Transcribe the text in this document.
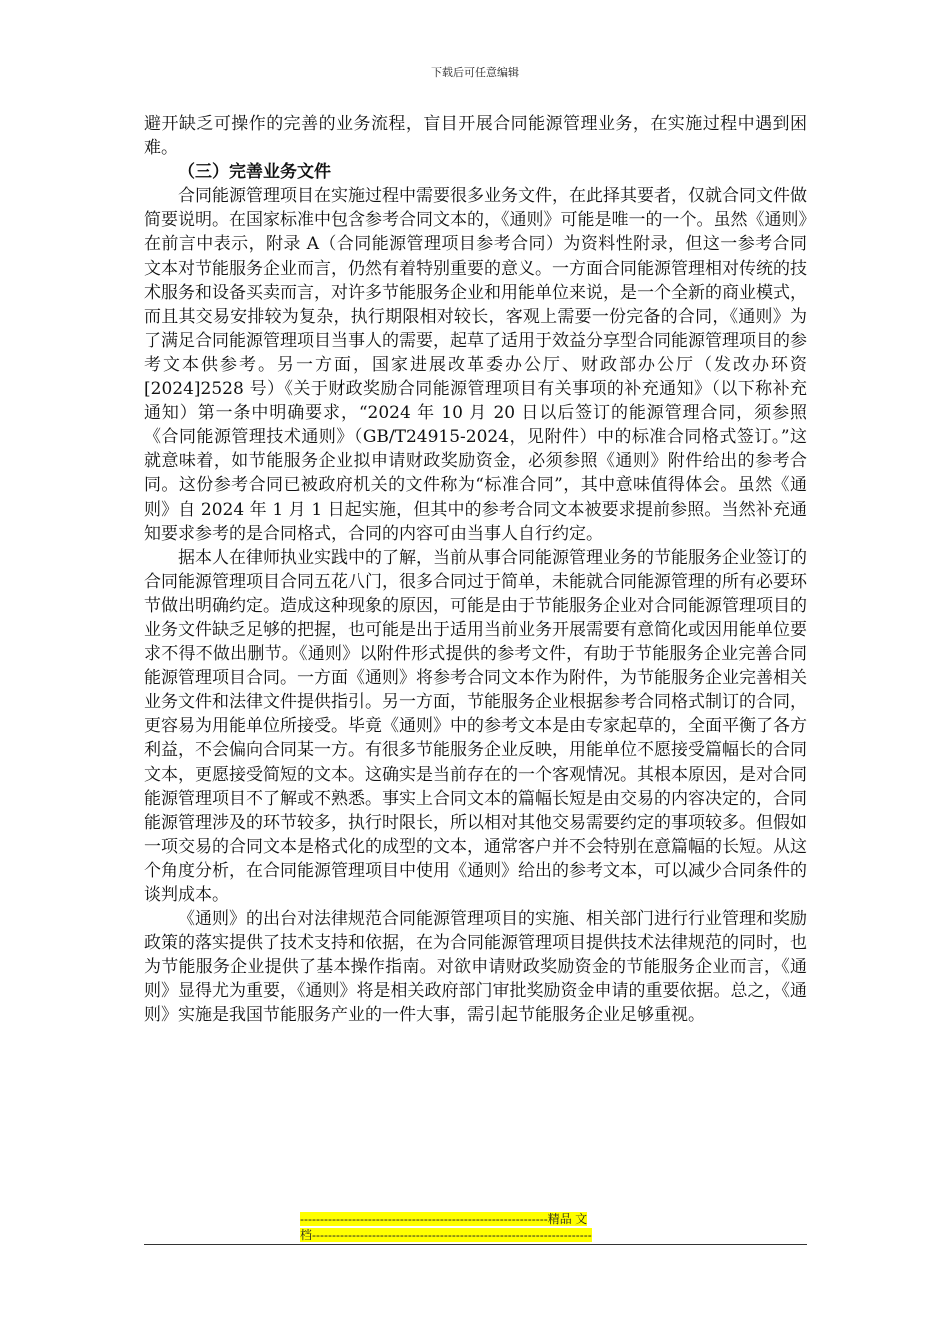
下载后可任意编辑

避开缺乏可操作的完善的业务流程，盲目开展合同能源管理业务，在实施过程中遇到困难。

（三）完善业务文件

合同能源管理项目在实施过程中需要很多业务文件，在此择其要者，仅就合同文件做简要说明。在国家标准中包含参考合同文本的，《通则》可能是唯一的一个。虽然《通则》在前言中表示，附录 A（合同能源管理项目参考合同）为资料性附录，但这一参考合同文本对节能服务企业而言，仍然有着特别重要的意义。一方面合同能源管理相对传统的技术服务和设备买卖而言，对许多节能服务企业和用能单位来说，是一个全新的商业模式，而且其交易安排较为复杂，执行期限相对较长，客观上需要一份完备的合同，《通则》为了满足合同能源管理项目当事人的需要，起草了适用于效益分享型合同能源管理项目的参考文本供参考。另一方面，国家进展改革委办公厅、财政部办公厅（发改办环资[2024]2528 号）《关于财政奖励合同能源管理项目有关事项的补充通知》（以下称补充通知）第一条中明确要求，“2024 年 10 月 20 日以后签订的能源管理合同，须参照《合同能源管理技术通则》（GB/T24915-2024，见附件）中的标准合同格式签订。”这就意味着，如节能服务企业拟申请财政奖励资金，必须参照《通则》附件给出的参考合同。这份参考合同已被政府机关的文件称为“标准合同”，其中意味值得体会。虽然《通则》自 2024 年 1 月 1 日起实施，但其中的参考合同文本被要求提前参照。当然补充通知要求参考的是合同格式，合同的内容可由当事人自行约定。

据本人在律师执业实践中的了解，当前从事合同能源管理业务的节能服务企业签订的合同能源管理项目合同五花八门，很多合同过于简单，未能就合同能源管理的所有必要环节做出明确约定。造成这种现象的原因，可能是由于节能服务企业对合同能源管理项目的业务文件缺乏足够的把握，也可能是出于适用当前业务开展需要有意简化或因用能单位要求不得不做出删节。《通则》以附件形式提供的参考文件，有助于节能服务企业完善合同能源管理项目合同。一方面《通则》将参考合同文本作为附件，为节能服务企业完善相关业务文件和法律文件提供指引。另一方面，节能服务企业根据参考合同格式制订的合同，更容易为用能单位所接受。毕竟《通则》中的参考文本是由专家起草的，全面平衡了各方利益，不会偏向合同某一方。有很多节能服务企业反映，用能单位不愿接受篇幅长的合同文本，更愿接受简短的文本。这确实是当前存在的一个客观情况。其根本原因，是对合同能源管理项目不了解或不熟悉。事实上合同文本的篇幅长短是由交易的内容决定的，合同能源管理涉及的环节较多，执行时限长，所以相对其他交易需要约定的事项较多。但假如一项交易的合同文本是格式化的成型的文本，通常客户并不会特别在意篇幅的长短。从这个角度分析，在合同能源管理项目中使用《通则》给出的参考文本，可以减少合同条件的谈判成本。

《通则》的出台对法律规范合同能源管理项目的实施、相关部门进行行业管理和奖励政策的落实提供了技术支持和依据，在为合同能源管理项目提供技术法律规范的同时，也为节能服务企业提供了基本操作指南。对欲申请财政奖励资金的节能服务企业而言，《通则》显得尤为重要，《通则》将是相关政府部门审批奖励资金申请的重要依据。总之，《通则》实施是我国节能服务产业的一件大事，需引起节能服务企业足够重视。

--------------------------------------------------------------精品 文
档----------------------------------------------------------------------
